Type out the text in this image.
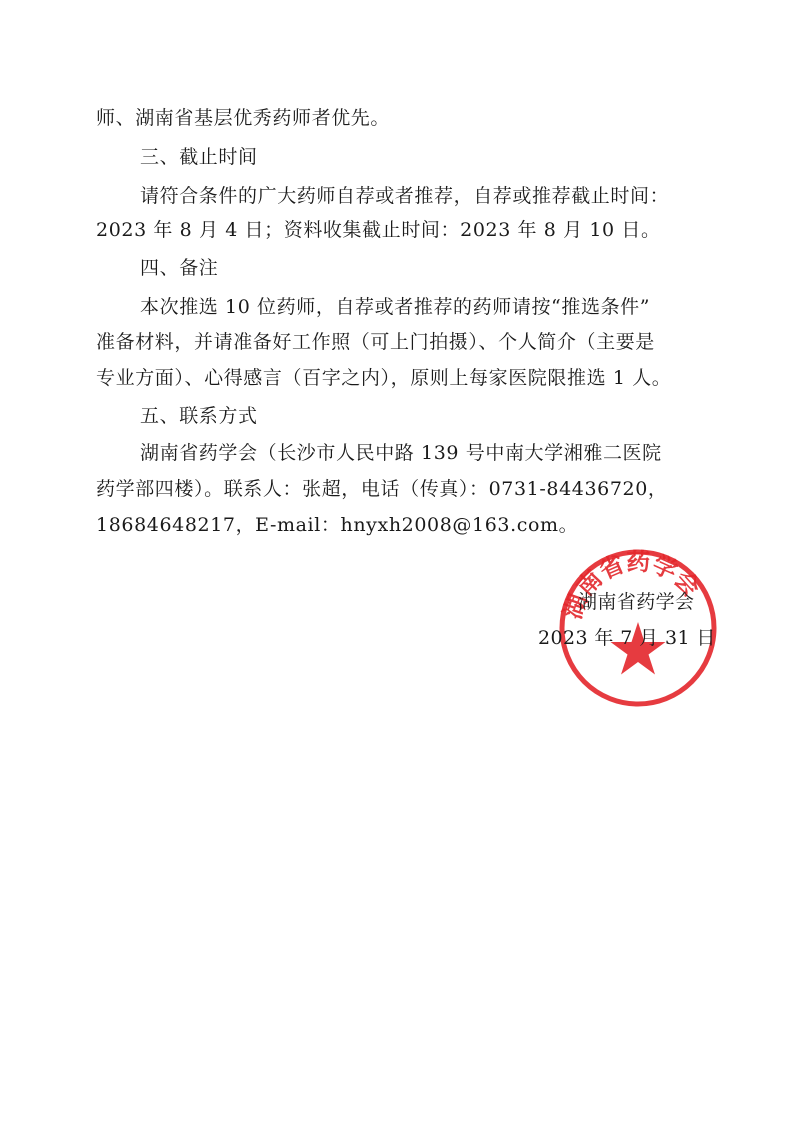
师、湖南省基层优秀药师者优先。
三、截止时间
请符合条件的广大药师自荐或者推荐，自荐或推荐截止时间：
2023 年 8 月 4 日；资料收集截止时间：2023 年 8 月 10 日。
四、备注
本次推选 10 位药师，自荐或者推荐的药师请按“推选条件”
准备材料，并请准备好工作照（可上门拍摄）、个人简介（主要是
专业方面）、心得感言（百字之内），原则上每家医院限推选 1 人。
五、联系方式
湖南省药学会（长沙市人民中路 139 号中南大学湘雅二医院
药学部四楼）。联系人：张超，电话（传真）：0731-84436720，
18684648217，E-mail：hnyxh2008@163.com。
湖南省药学会
湖南省药学会
2023 年 7 月 31 日
